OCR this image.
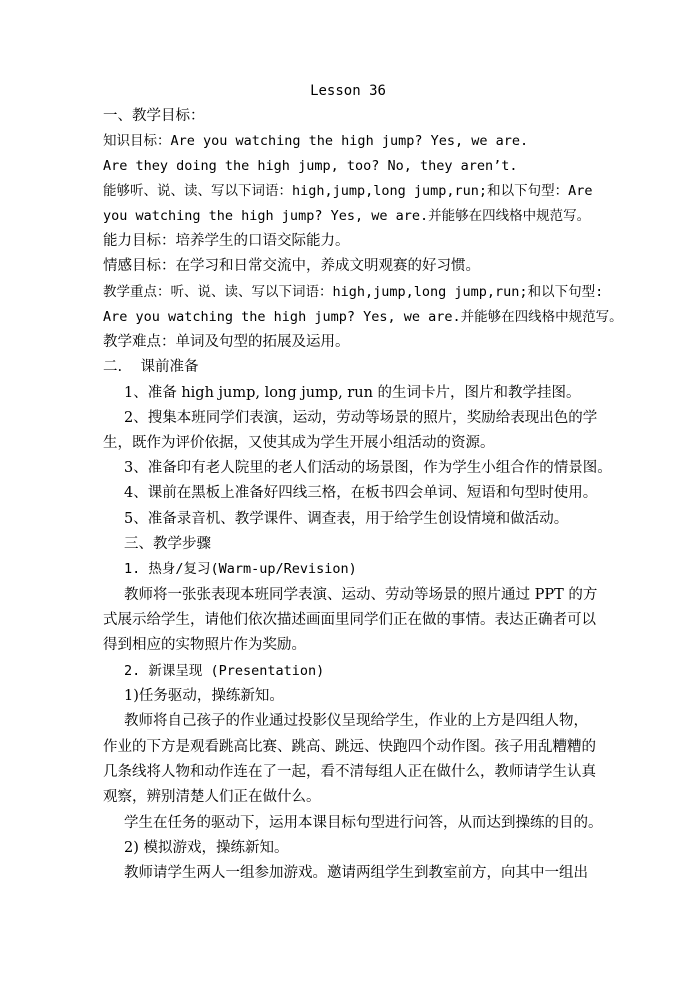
Lesson 36

一、教学目标：

知识目标：Are you watching the high jump? Yes, we are.

Are they doing the high jump, too? No, they aren’t.

能够听、说、读、写以下词语：high,jump,long jump,run;和以下句型：Are

you watching the high jump? Yes, we are.并能够在四线格中规范写。

能力目标：培养学生的口语交际能力。

情感目标：在学习和日常交流中，养成文明观赛的好习惯。

教学重点：听、说、读、写以下词语：high,jump,long jump,run;和以下句型:

Are you watching the high jump? Yes, we are.并能够在四线格中规范写。

教学难点：单词及句型的拓展及运用。

二.    课前准备

1、准备 high jump, long jump, run 的生词卡片，图片和教学挂图。

2、搜集本班同学们表演，运动，劳动等场景的照片，奖励给表现出色的学

生，既作为评价依据，又使其成为学生开展小组活动的资源。

3、准备印有老人院里的老人们活动的场景图，作为学生小组合作的情景图。

4、课前在黑板上准备好四线三格，在板书四会单词、短语和句型时使用。

5、准备录音机、教学课件、调查表，用于给学生创设情境和做活动。

三、教学步骤

1. 热身/复习(Warm-up/Revision)

教师将一张张表现本班同学表演、运动、劳动等场景的照片通过 PPT 的方

式展示给学生，请他们依次描述画面里同学们正在做的事情。表达正确者可以

得到相应的实物照片作为奖励。

2. 新课呈现 (Presentation)

1)任务驱动，操练新知。

教师将自己孩子的作业通过投影仪呈现给学生，作业的上方是四组人物，

作业的下方是观看跳高比赛、跳高、跳远、快跑四个动作图。孩子用乱糟糟的

几条线将人物和动作连在了一起，看不清每组人正在做什么，教师请学生认真

观察，辨别清楚人们正在做什么。

学生在任务的驱动下，运用本课目标句型进行问答，从而达到操练的目的。

2) 模拟游戏，操练新知。

教师请学生两人一组参加游戏。邀请两组学生到教室前方，向其中一组出
